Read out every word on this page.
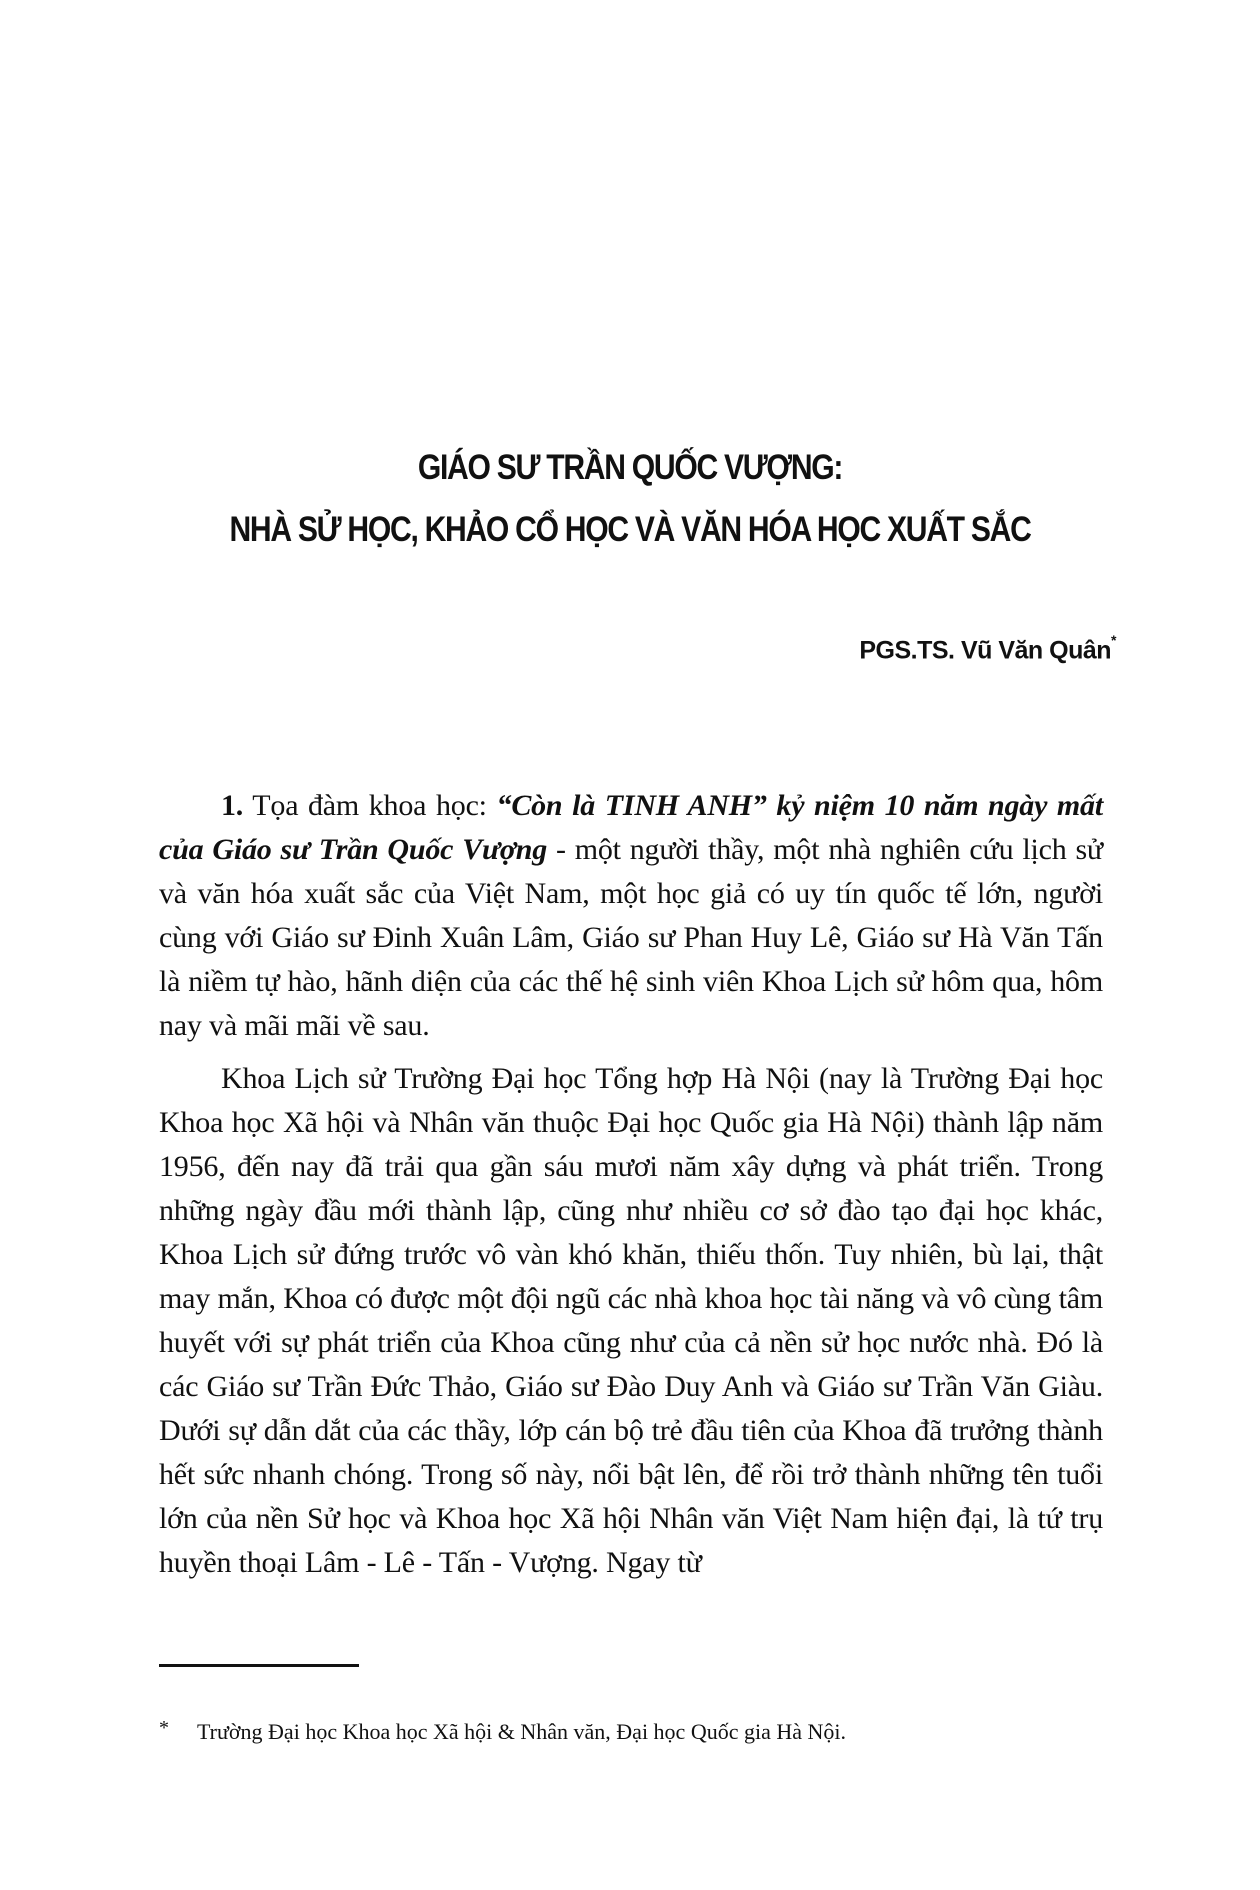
GIÁO SƯ TRẦN QUỐC VƯỢNG:
NHÀ SỬ HỌC, KHẢO CỔ HỌC VÀ VĂN HÓA HỌC XUẤT SẮC
PGS.TS. Vũ Văn Quân*

1. Tọa đàm khoa học: “Còn là TINH ANH” kỷ niệm 10 năm ngày mất của Giáo sư Trần Quốc Vượng - một người thầy, một nhà nghiên cứu lịch sử và văn hóa xuất sắc của Việt Nam, một học giả có uy tín quốc tế lớn, người cùng với Giáo sư Đinh Xuân Lâm, Giáo sư Phan Huy Lê, Giáo sư Hà Văn Tấn là niềm tự hào, hãnh diện của các thế hệ sinh viên Khoa Lịch sử hôm qua, hôm nay và mãi mãi về sau.

Khoa Lịch sử Trường Đại học Tổng hợp Hà Nội (nay là Trường Đại học Khoa học Xã hội và Nhân văn thuộc Đại học Quốc gia Hà Nội) thành lập năm 1956, đến nay đã trải qua gần sáu mươi năm xây dựng và phát triển. Trong những ngày đầu mới thành lập, cũng như nhiều cơ sở đào tạo đại học khác, Khoa Lịch sử đứng trước vô vàn khó khăn, thiếu thốn. Tuy nhiên, bù lại, thật may mắn, Khoa có được một đội ngũ các nhà khoa học tài năng và vô cùng tâm huyết với sự phát triển của Khoa cũng như của cả nền sử học nước nhà. Đó là các Giáo sư Trần Đức Thảo, Giáo sư Đào Duy Anh và Giáo sư Trần Văn Giàu. Dưới sự dẫn dắt của các thầy, lớp cán bộ trẻ đầu tiên của Khoa đã trưởng thành hết sức nhanh chóng. Trong số này, nổi bật lên, để rồi trở thành những tên tuổi lớn của nền Sử học và Khoa học Xã hội Nhân văn Việt Nam hiện đại, là tứ trụ huyền thoại Lâm - Lê - Tấn - Vượng. Ngay từ

* Trường Đại học Khoa học Xã hội & Nhân văn, Đại học Quốc gia Hà Nội.
